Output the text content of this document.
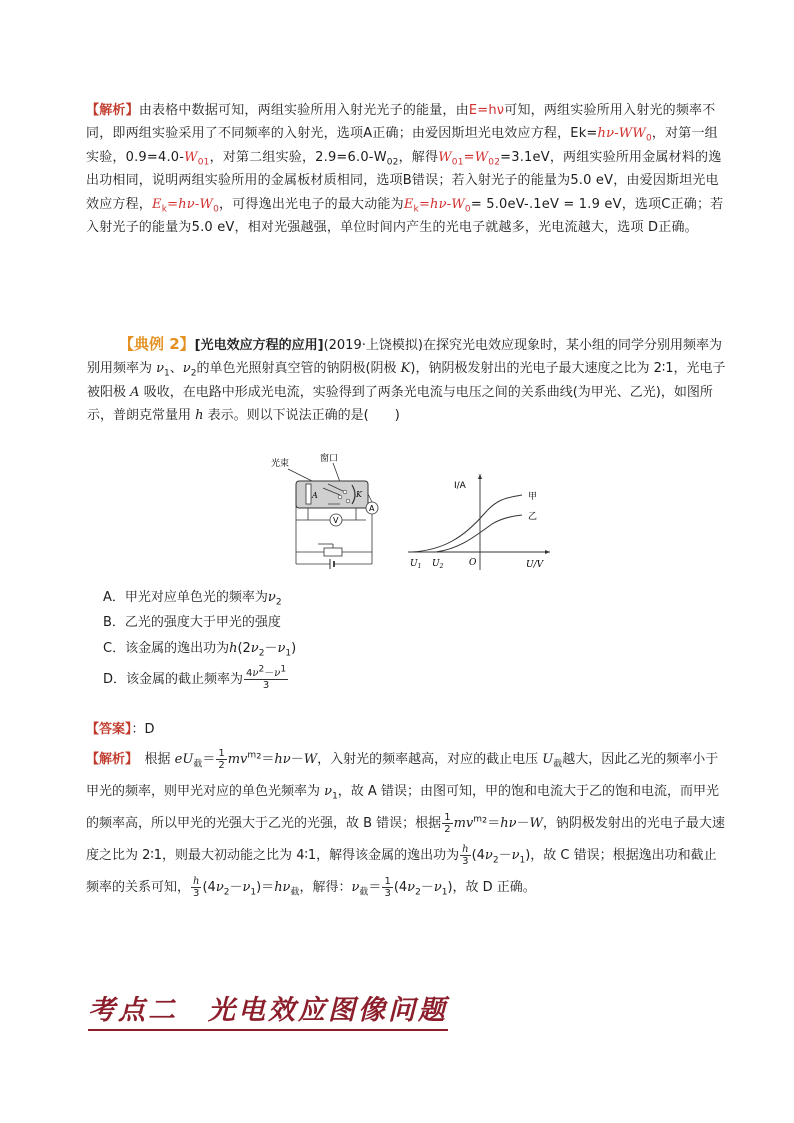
【解析】由表格中数据可知，两组实验所用入射光光子的能量，由E=hν可知，两组实验所用入射光的频率不同，即两组实验采用了不同频率的入射光，选项A正确；由爱因斯坦光电效应方程，$Ek=h\nu-WW_0$，对第一组实验，$0.9=4.0-W_{01}$，对第二组实验，$2.9=6.0-W_{02}$，解得$W_{01}=W_{02}=3.1eV$，两组实验所用金属材料的逸出功相同，说明两组实验所用的金属板材质相同，选项B错误；若入射光子的能量为5.0 eV，由爱因斯坦光电效应方程，$E_k=h\nu-W_0$，可得逸出光电子的最大动能为$E_k=h\nu-W_0= 5.0eV-.1eV = 1.9$ eV，选项C正确；若入射光子的能量为5.0 eV，相对光强越强，单位时间内产生的光电子就越多，光电流越大，选项 D正确。
【典例 2】[光电效应方程的应用](2019·上饶模拟)在探究光电效应现象时，某小组的同学分别用频率为
别用频率为 $\nu_1$、$\nu_2$的单色光照射真空管的钠阴极(阴极 K)，钠阴极发射出的光电子最大速度之比为 2∶1，光电子被阳极 A 吸收，在电路中形成光电流，实验得到了两条光电流与电压之间的关系曲线(为甲光、乙光)，如图所示，普朗克常量用 h 表示。则以下说法正确的是(　　)
光束	窗口
A	K
V
A
I/A
U/V
O
$U_1$ $U_2$
甲
乙
A．甲光对应单色光的频率为$\nu_2$
B．乙光的强度大于甲光的强度
C．该金属的逸出功为$h(2\nu_2-\nu_1)$
D．该金属的截止频率为 $\frac{4\nu^2-\nu^1}{3}$
【答案】：D
【解析】　根据 $eU_截= \frac{1}{2} mv^m^2=h\nu-W$，入射光的频率越高，对应的截止电压 $U_截$越大，因此乙光的频率小于甲光的频率，则甲光对应的单色光频率为 $\nu_1$，故 A 错误；由图可知，甲的饱和电流大于乙的饱和电流，而甲光的频率高，所以甲光的光强大于乙光的光强，故 B 错误；根据 $\frac{1}{2} mv^m^2=h\nu-W$，钠阴极发射出的光电子最大速度之比为 2∶1，则最大初动能之比为 4∶1，解得该金属的逸出功为 $\frac{h}{3} (4\nu_2-\nu_1)$，故 C 错误；根据逸出功和截止频率的关系可知， $\frac{h}{3} (4\nu_2-\nu_1)=h\nu_截$，解得：$\nu_截= \frac{1}{3} (4\nu_2-\nu_1)$，故 D 正确。
考点二　光电效应图像问题
